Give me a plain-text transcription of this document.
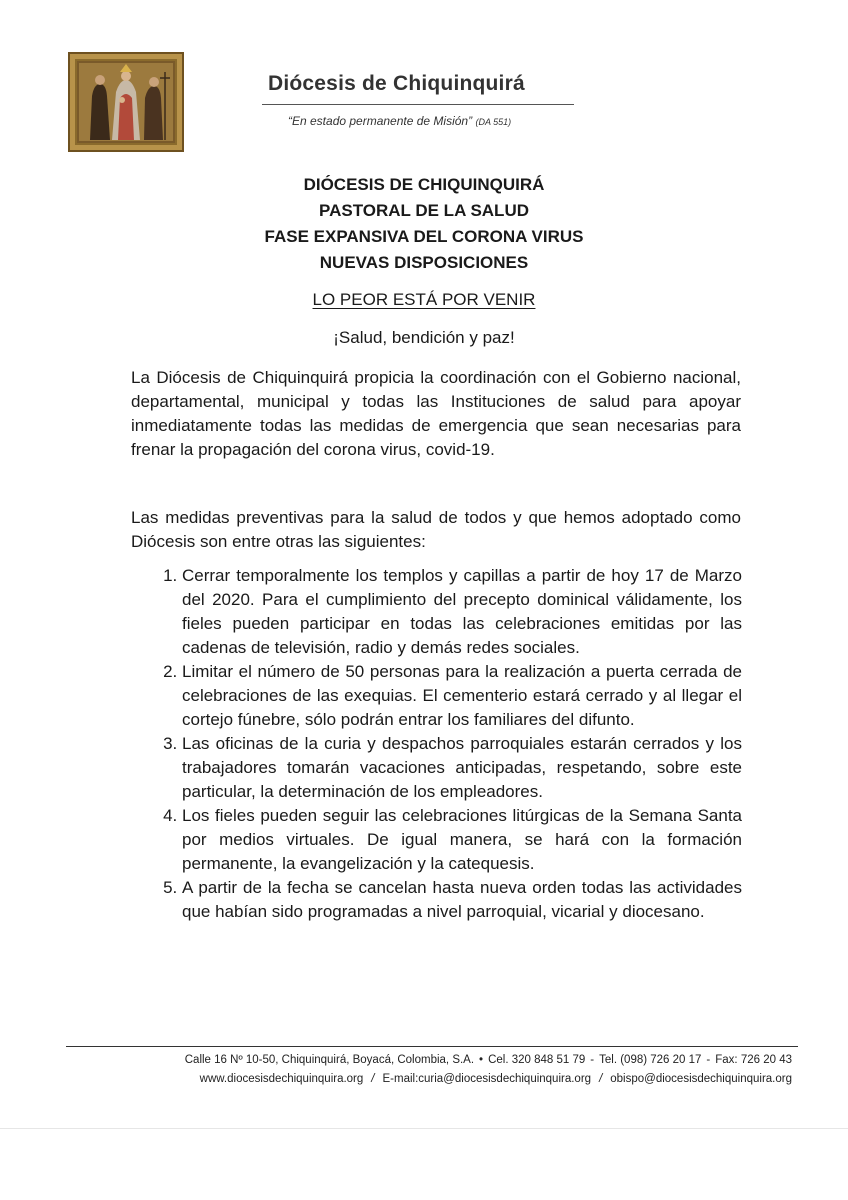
Diócesis de Chiquinquirá
“En estado permanente de Misión” (DA 551)
DIÓCESIS DE CHIQUINQUIRÁ
PASTORAL DE LA SALUD
FASE EXPANSIVA DEL CORONA VIRUS
NUEVAS DISPOSICIONES
LO PEOR ESTÁ POR VENIR
¡Salud, bendición y paz!
La Diócesis de Chiquinquirá propicia la coordinación con el Gobierno nacional, departamental, municipal y todas las Instituciones de salud para apoyar inmediatamente todas las medidas de emergencia que sean necesarias para frenar la propagación del corona virus, covid-19.
Las medidas preventivas para la salud de todos y que hemos adoptado como Diócesis son entre otras las siguientes:
1. Cerrar temporalmente los templos y capillas a partir de hoy 17 de Marzo del 2020. Para el cumplimiento del precepto dominical válidamente, los fieles pueden participar en todas las celebraciones emitidas por las cadenas de televisión, radio y demás redes sociales.
2. Limitar el número de 50 personas para la realización a puerta cerrada de celebraciones de las exequias. El cementerio estará cerrado y al llegar el cortejo fúnebre, sólo podrán entrar los familiares del difunto.
3. Las oficinas de la curia y despachos parroquiales estarán cerrados y los trabajadores tomarán vacaciones anticipadas, respetando, sobre este particular, la determinación de los empleadores.
4. Los fieles pueden seguir las celebraciones litúrgicas de la Semana Santa por medios virtuales. De igual manera, se hará con la formación permanente, la evangelización y la catequesis.
5. A partir de la fecha se cancelan hasta nueva orden todas las actividades que habían sido programadas a nivel parroquial, vicarial y diocesano.
Calle 16 Nº 10-50, Chiquinquirá, Boyacá, Colombia, S.A. • Cel. 320 848 51 79 - Tel. (098) 726 20 17 - Fax: 726 20 43
www.diocesisdechiquinquira.org / E-mail:curia@diocesisdechiquinquira.org / obispo@diocesisdechiquinquira.org
